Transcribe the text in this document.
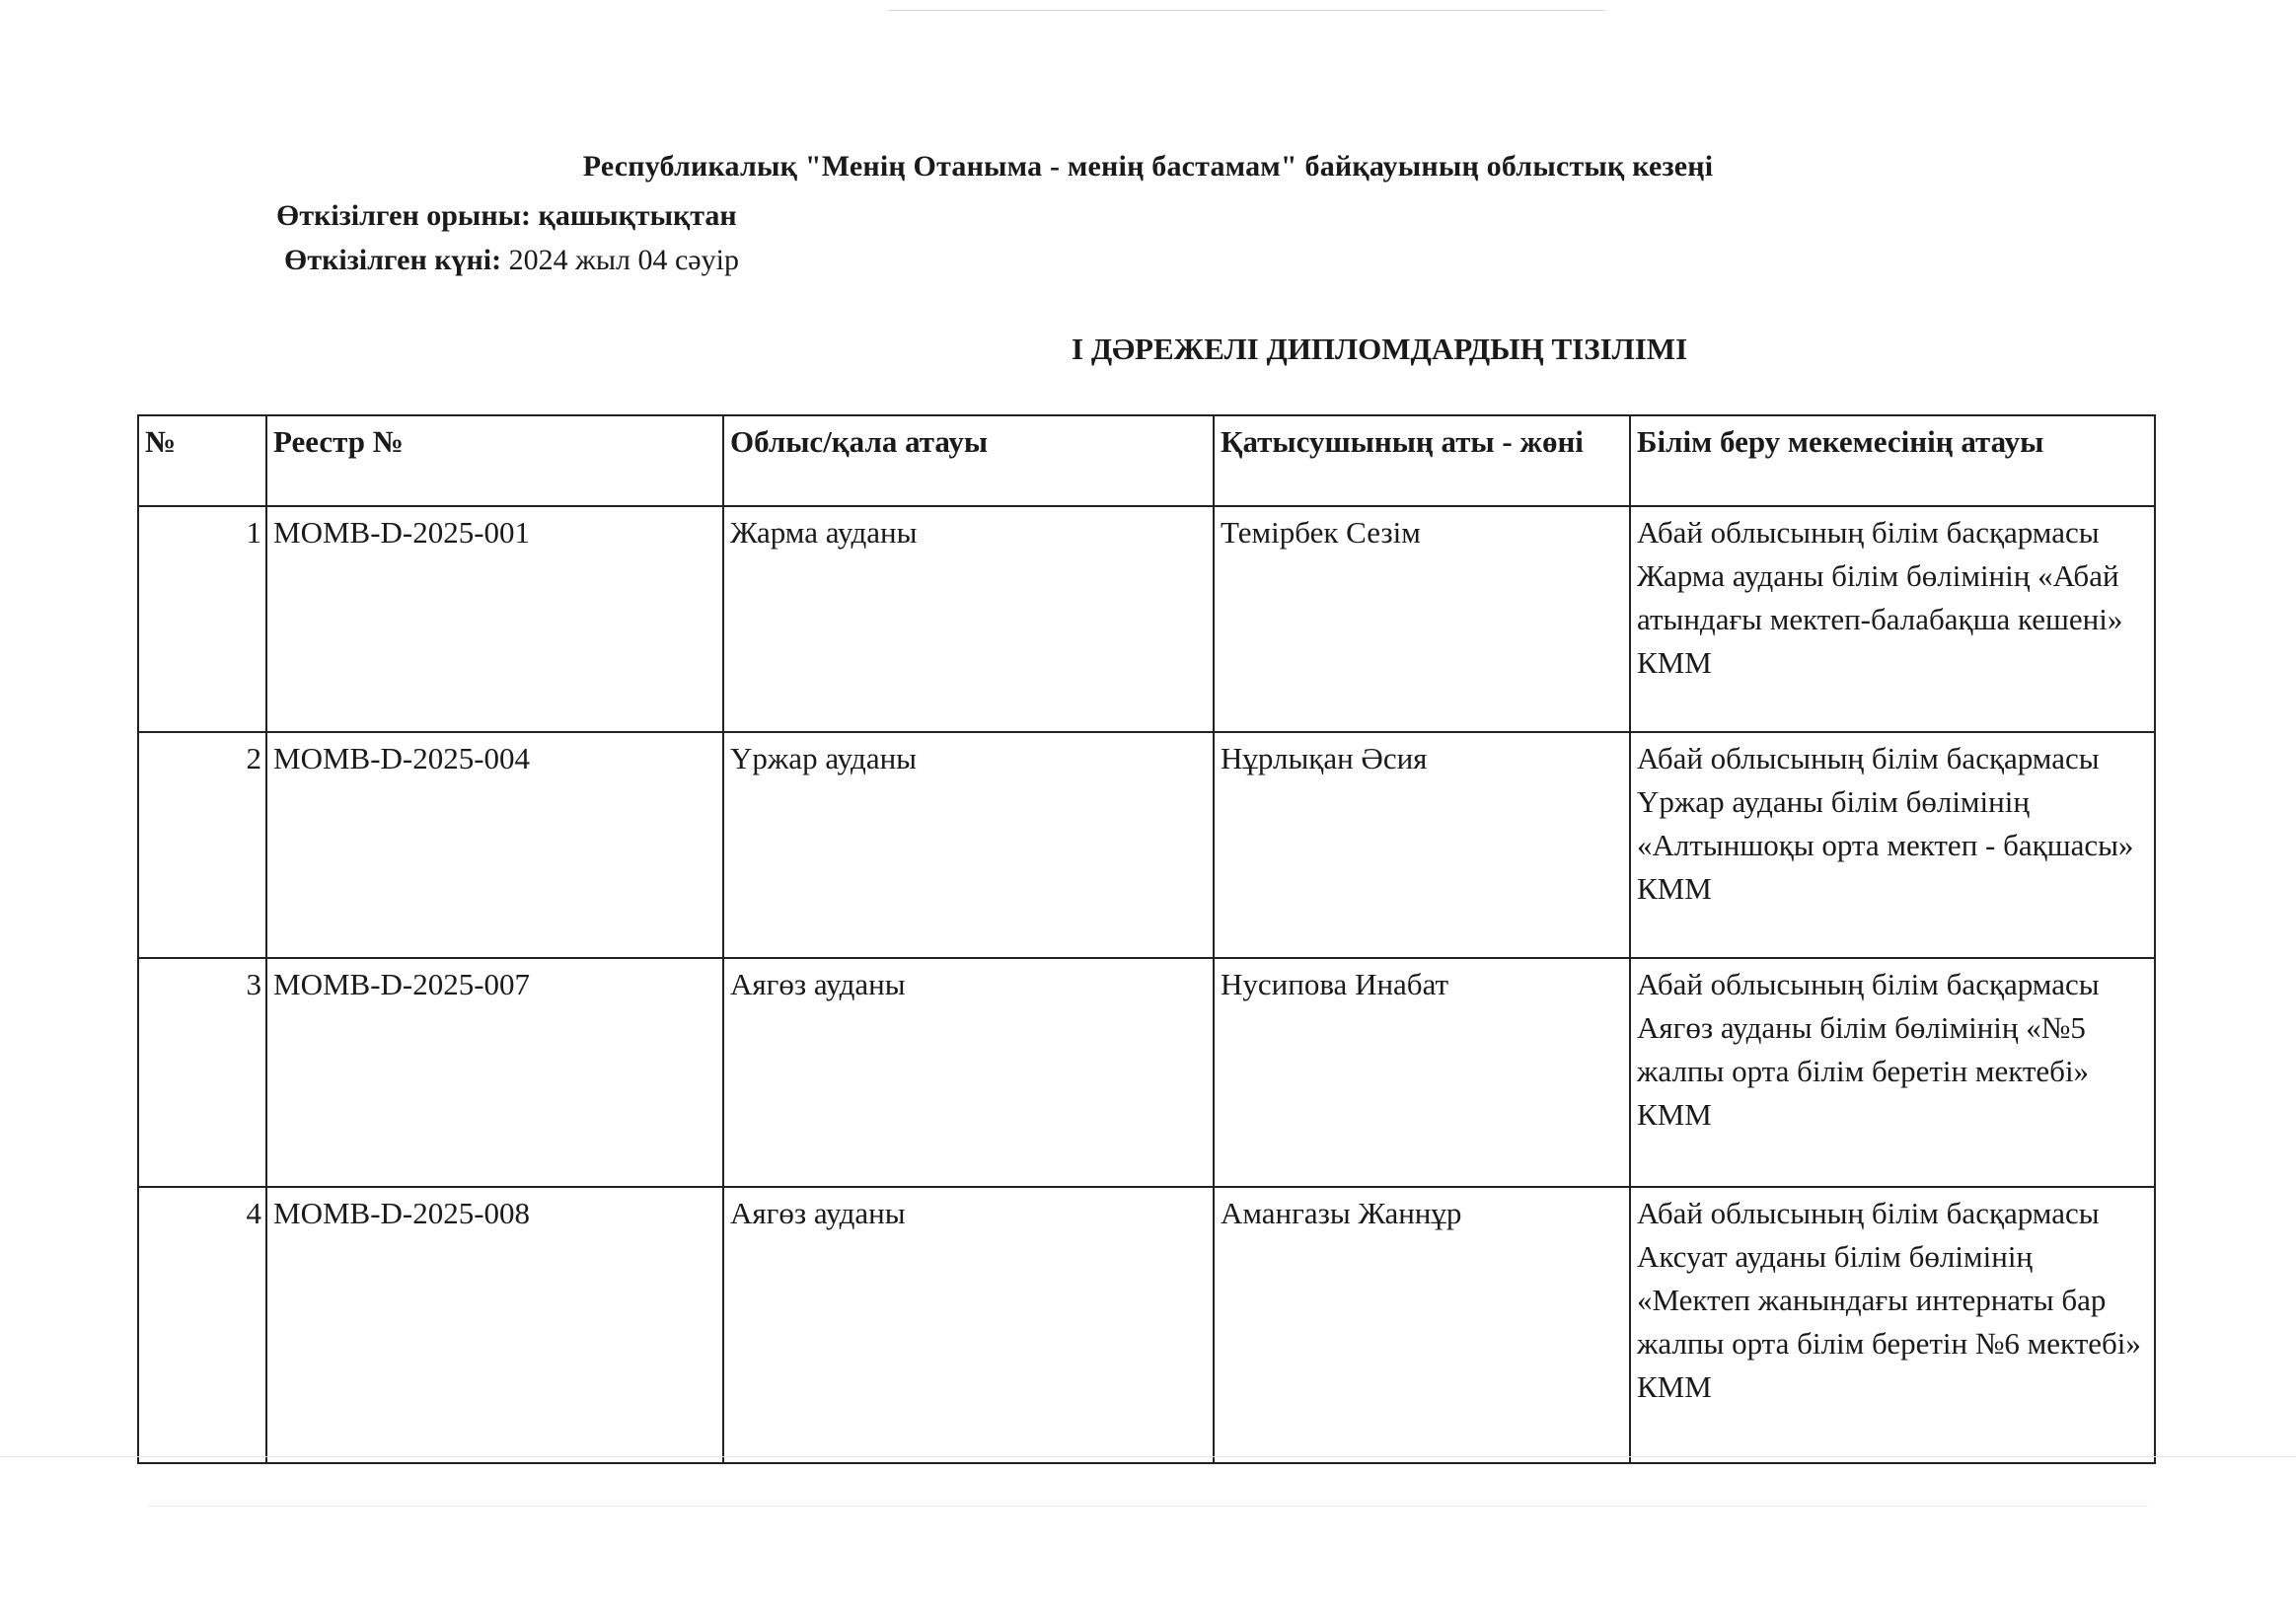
Республикалық "Менің Отаныма - менің бастамам" байқауының облыстық кезеңі
Өткізілген орыны: қашықтықтан
Өткізілген күні: 2024 жыл 04 сәуір
І ДӘРЕЖЕЛІ ДИПЛОМДАРДЫҢ ТІЗІЛІМІ
№	Реестр №	Облыс/қала атауы	Қатысушының аты - жөні	Білім беру мекемесінің атауы
1	MOMB-D-2025-001	Жарма ауданы	Темірбек Сезім	Абай облысының білім басқармасы Жарма ауданы білім бөлімінің «Абай атындағы мектеп-балабақша кешені» КММ
2	MOMB-D-2025-004	Үржар ауданы	Нұрлықан Әсия	Абай облысының білім басқармасы Үржар ауданы білім бөлімінің «Алтыншоқы орта мектеп - бақшасы» КММ
3	MOMB-D-2025-007	Аягөз ауданы	Нусипова Инабат	Абай облысының білім басқармасы Аягөз ауданы білім бөлімінің «№5 жалпы орта білім беретін мектебі» КММ
4	MOMB-D-2025-008	Аягөз ауданы	Амангазы Жаннұр	Абай облысының білім басқармасы Аксуат ауданы білім бөлімінің «Мектеп жанындағы интернаты бар жалпы орта білім беретін №6 мектебі» КММ
